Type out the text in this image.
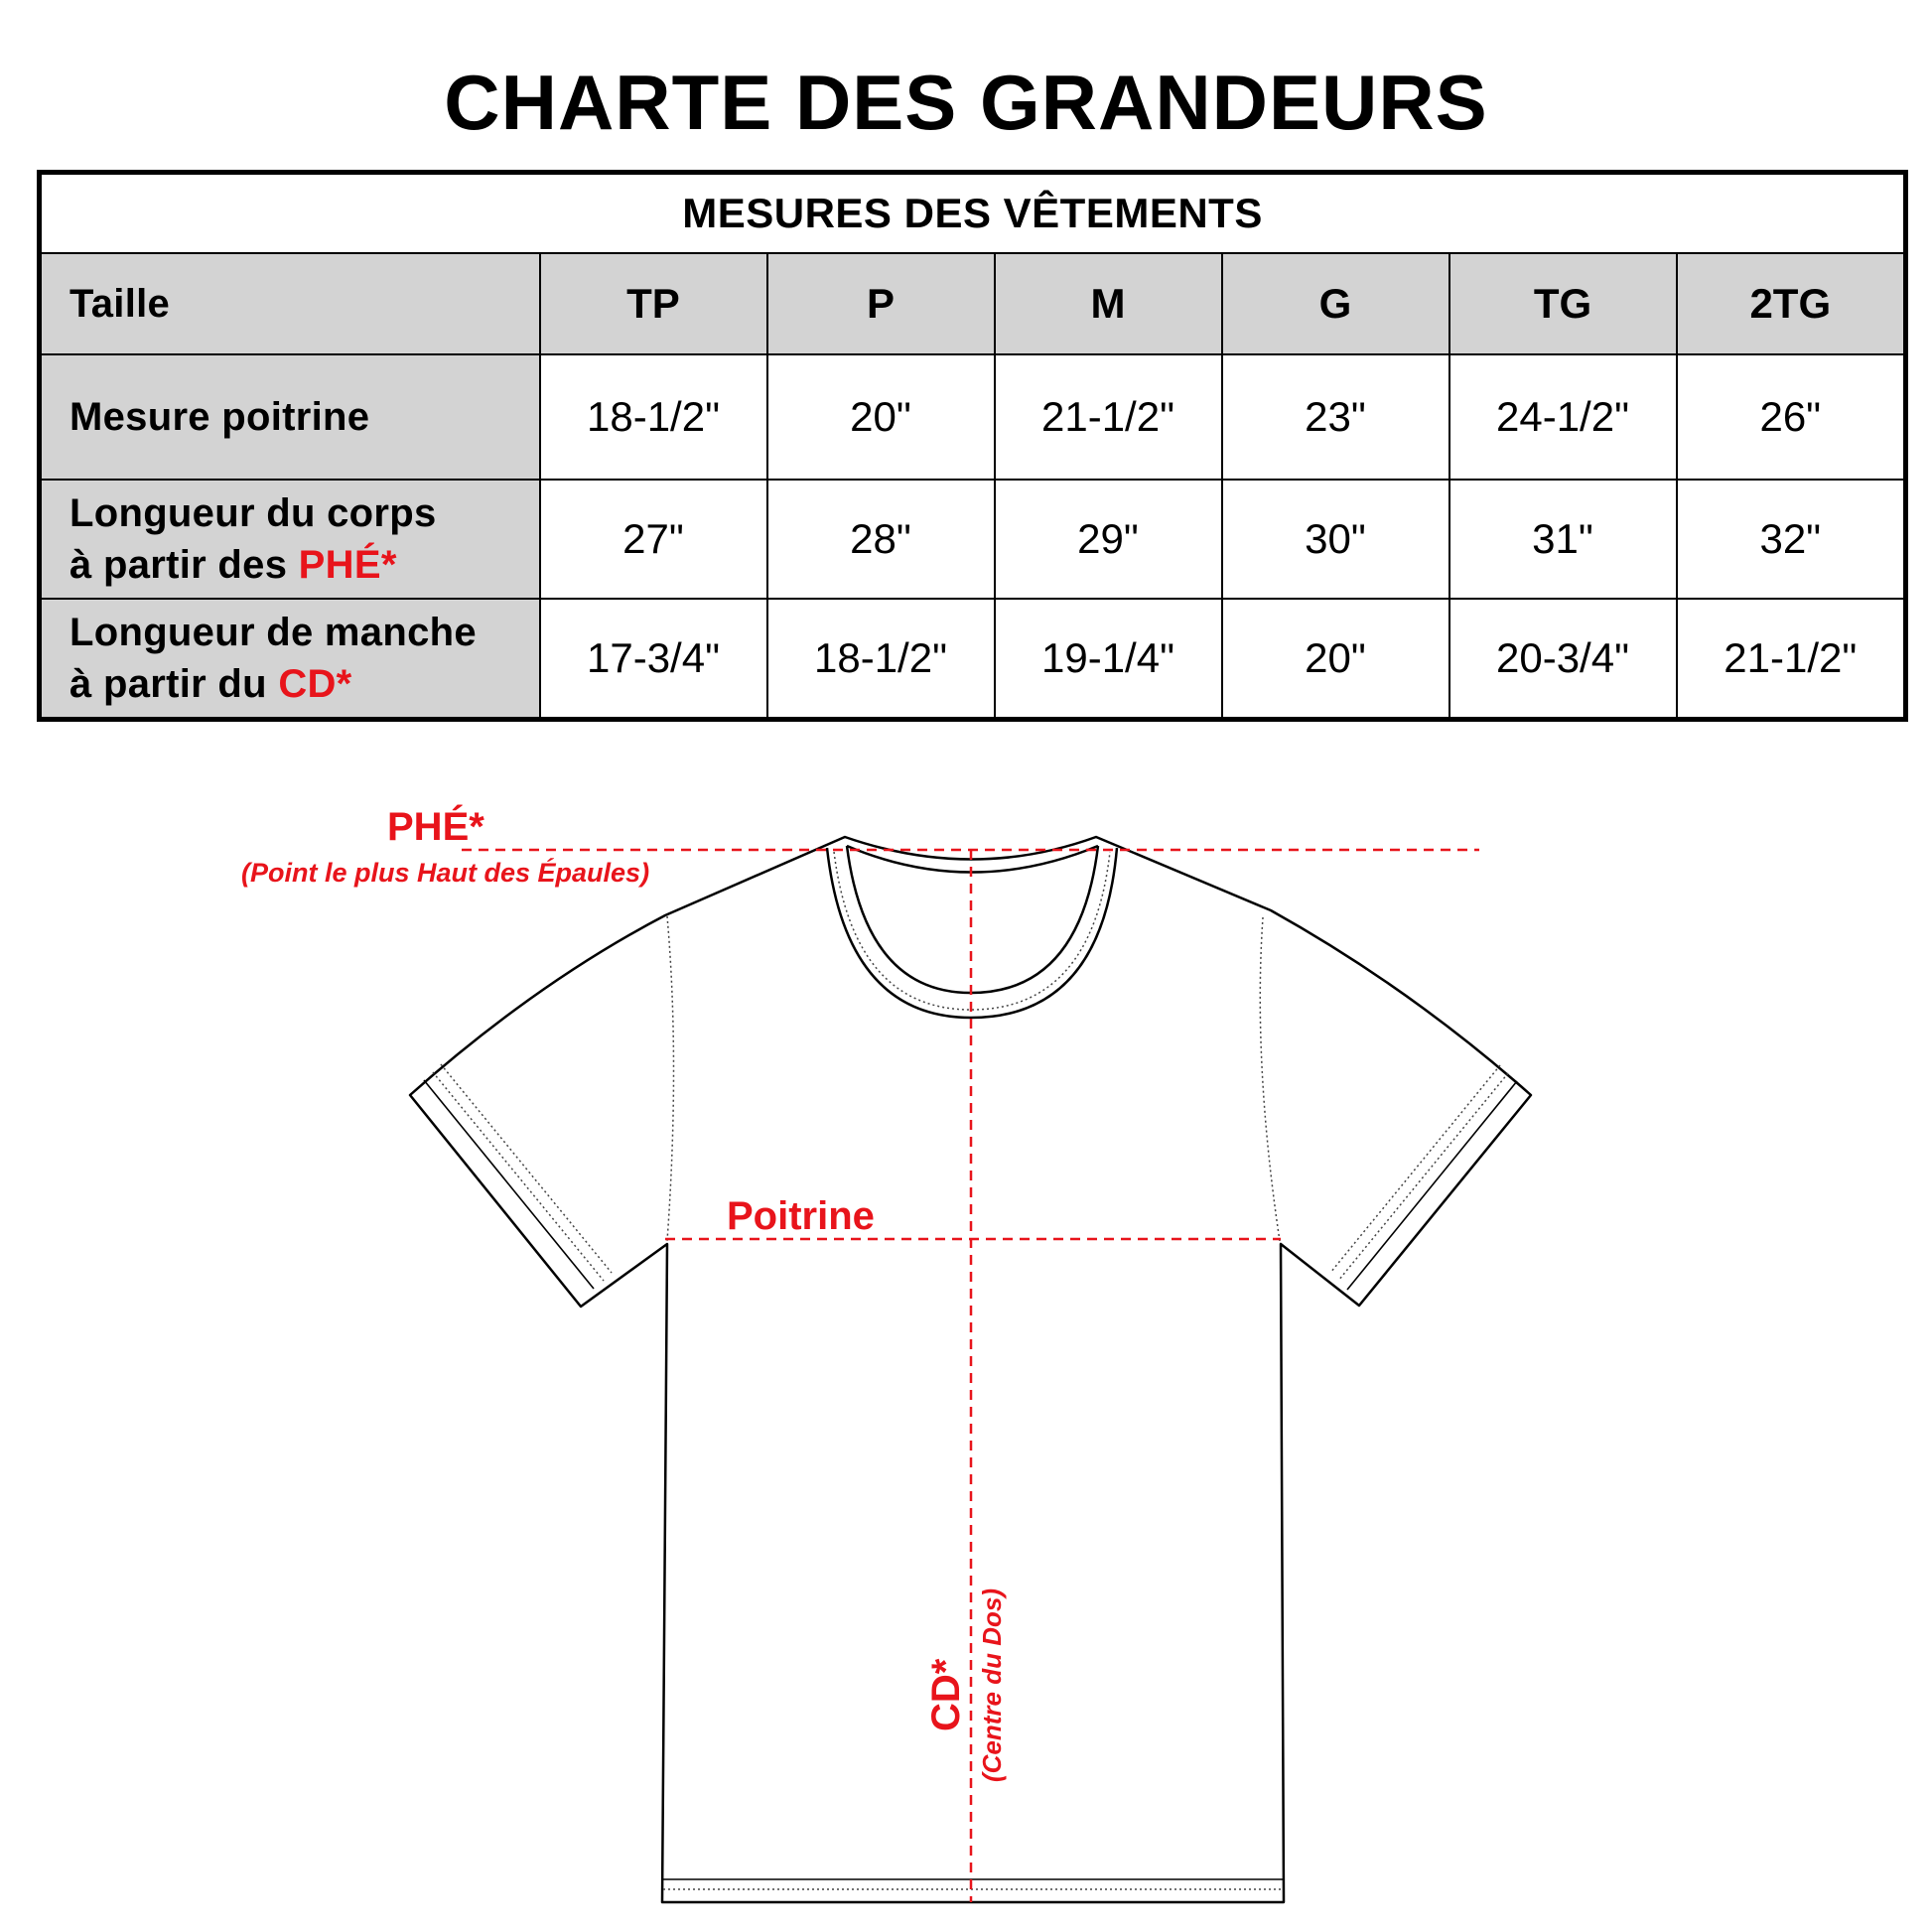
CHARTE DES GRANDEURS
MESURES DES VÊTEMENTS						
Taille	TP	P	M	G	TG	2TG
Mesure poitrine	18-1/2"	20"	21-1/2"	23"	24-1/2"	26"
Longueur du corps
à partir des PHÉ*	27"	28"	29"	30"	31"	32"
Longueur de manche
à partir du CD*	17-3/4"	18-1/2"	19-1/4"	20"	20-3/4"	21-1/2"
PHÉ*
(Point le plus Haut des Épaules)
Poitrine
CD* (Centre du Dos)
